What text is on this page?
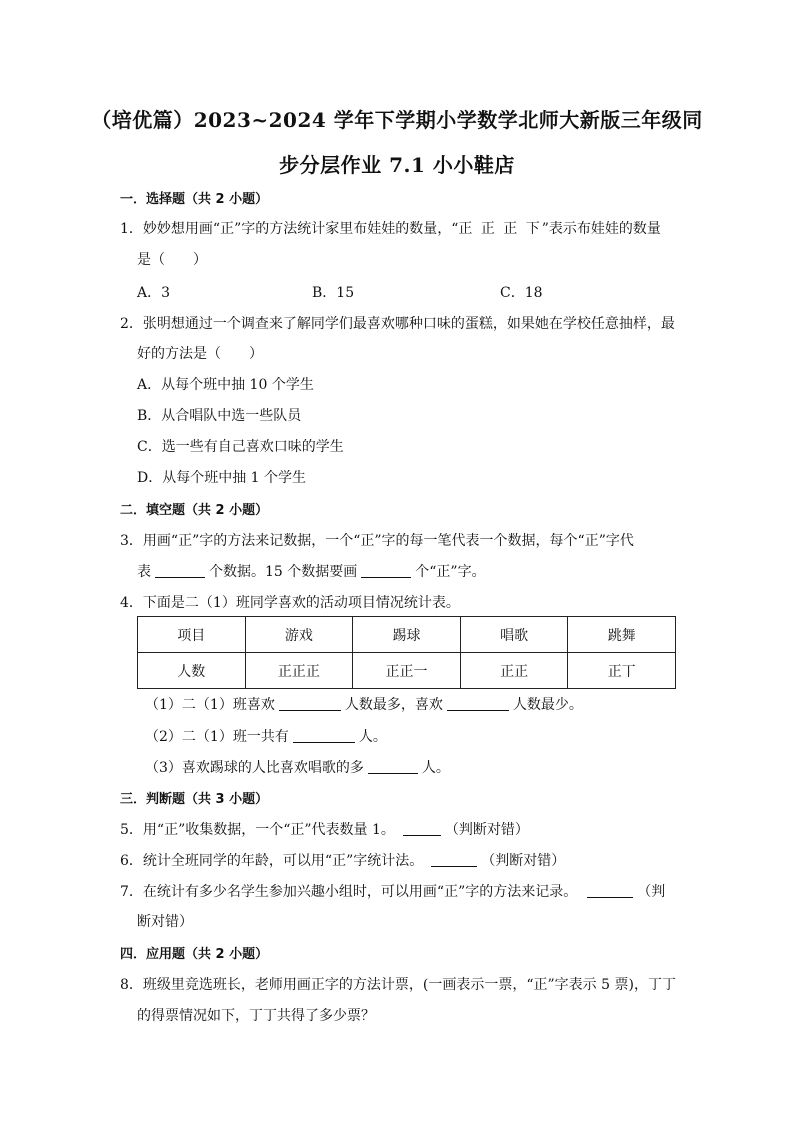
（培优篇）2023~2024 学年下学期小学数学北师大新版三年级同
步分层作业 7.1 小小鞋店
一．选择题（共 2 小题）
1．妙妙想用画“正”字的方法统计家里布娃娃的数量，“正 正 正 下”表示布娃娃的数量
是（　　）
A．3	B．15	C．18
2．张明想通过一个调查来了解同学们最喜欢哪种口味的蛋糕，如果她在学校任意抽样，最
好的方法是（　　）
A．从每个班中抽 10 个学生
B．从合唱队中选一些队员
C．选一些有自己喜欢口味的学生
D．从每个班中抽 1 个学生
二．填空题（共 2 小题）
3．用画“正”字的方法来记数据，一个“正”字的每一笔代表一个数据，每个“正”字代
表	个数据。15 个数据要画	个“正”字。
4．下面是二（1）班同学喜欢的活动项目情况统计表。
项目	游戏	踢球	唱歌	跳舞
人数	正正正	正正一	正正	正丅
（1）二（1）班喜欢	人数最多，喜欢	人数最少。
（2）二（1）班一共有	人。
（3）喜欢踢球的人比喜欢唱歌的多	人。
三．判断题（共 3 小题）
5．用“正”收集数据，一个“正”代表数量 1。	（判断对错）
6．统计全班同学的年龄，可以用“正”字统计法。	（判断对错）
7．在统计有多少名学生参加兴趣小组时，可以用画“正”字的方法来记录。	（判
断对错）
四．应用题（共 2 小题）
8．班级里竞选班长，老师用画正字的方法计票，(一画表示一票，“正”字表示 5 票)，丁丁
的得票情况如下，丁丁共得了多少票？
